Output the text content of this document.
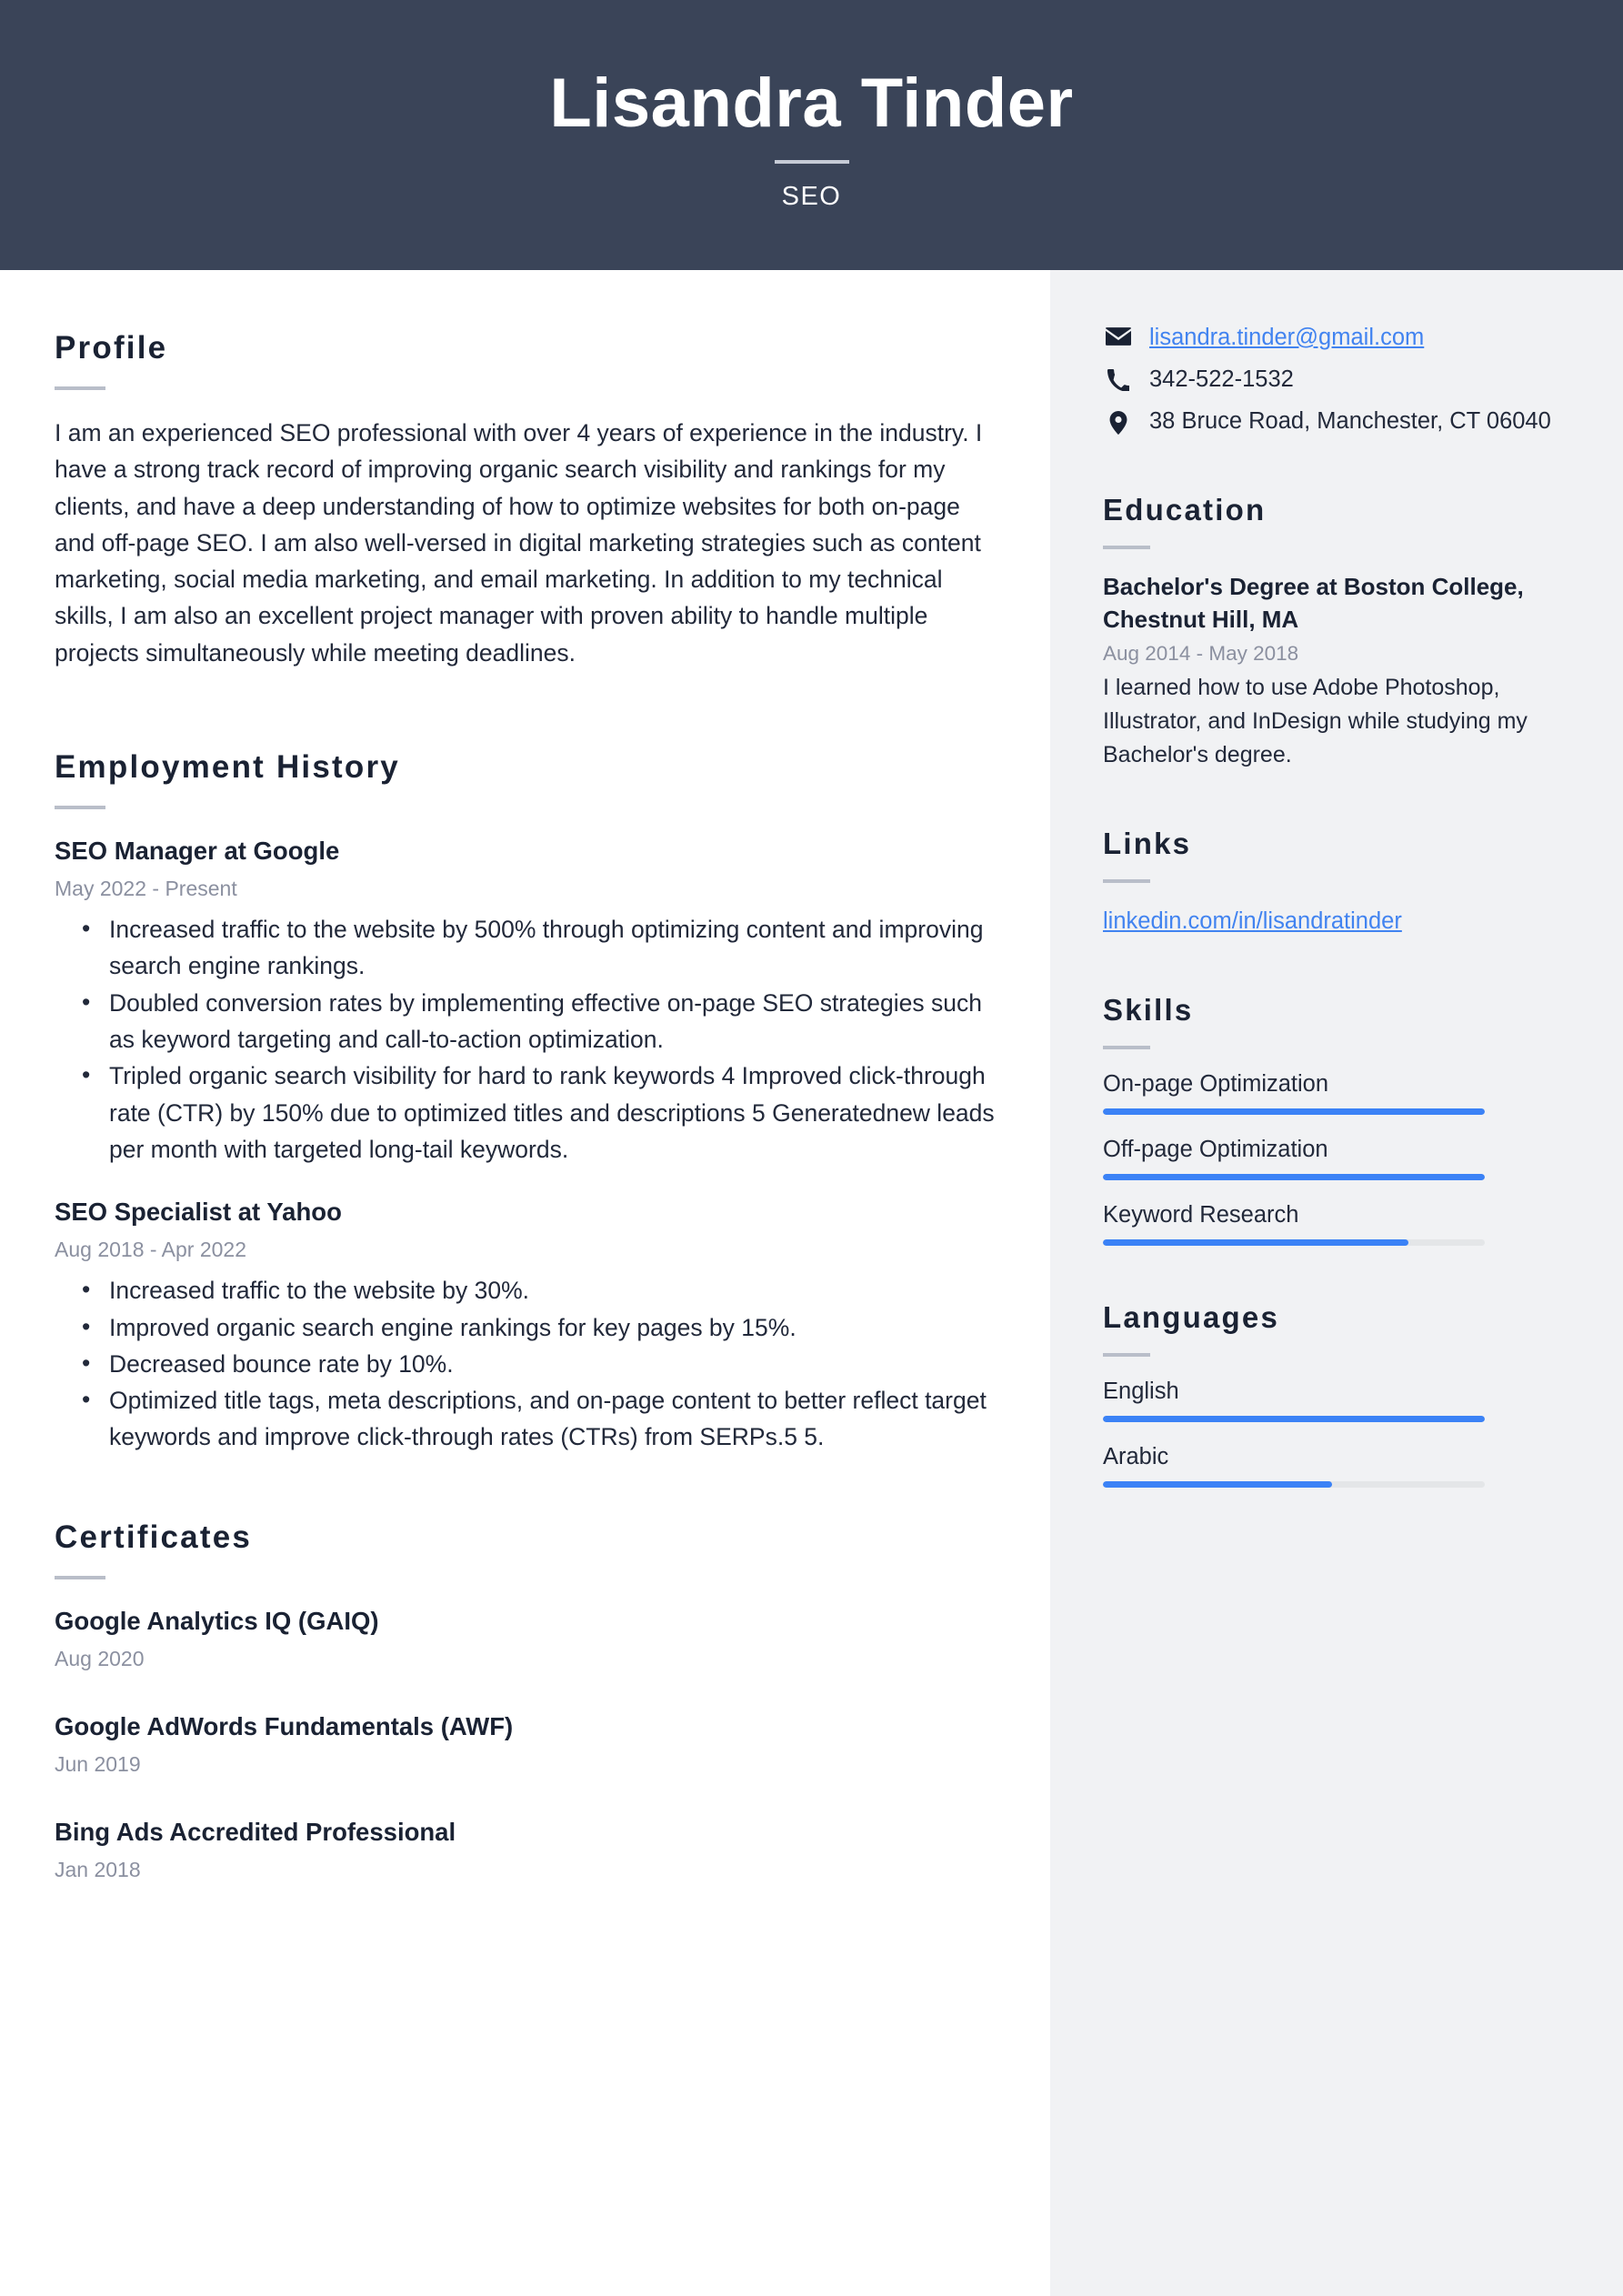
Lisandra Tinder
SEO
Profile
I am an experienced SEO professional with over 4 years of experience in the industry. I have a strong track record of improving organic search visibility and rankings for my clients, and have a deep understanding of how to optimize websites for both on-page and off-page SEO. I am also well-versed in digital marketing strategies such as content marketing, social media marketing, and email marketing. In addition to my technical skills, I am also an excellent project manager with proven ability to handle multiple projects simultaneously while meeting deadlines.
Employment History
SEO Manager at Google
May 2022 - Present
• Increased traffic to the website by 500% through optimizing content and improving search engine rankings.
• Doubled conversion rates by implementing effective on-page SEO strategies such as keyword targeting and call-to-action optimization.
• Tripled organic search visibility for hard to rank keywords 4 Improved click-through rate (CTR) by 150% due to optimized titles and descriptions 5 Generatednew leads per month with targeted long-tail keywords.
SEO Specialist at Yahoo
Aug 2018 - Apr 2022
• Increased traffic to the website by 30%.
• Improved organic search engine rankings for key pages by 15%.
• Decreased bounce rate by 10%.
• Optimized title tags, meta descriptions, and on-page content to better reflect target keywords and improve click-through rates (CTRs) from SERPs.5 5.
Certificates
Google Analytics IQ (GAIQ)
Aug 2020
Google AdWords Fundamentals (AWF)
Jun 2019
Bing Ads Accredited Professional
Jan 2018
lisandra.tinder@gmail.com
342-522-1532
38 Bruce Road, Manchester, CT 06040
Education
Bachelor's Degree at Boston College, Chestnut Hill, MA
Aug 2014 - May 2018
I learned how to use Adobe Photoshop, Illustrator, and InDesign while studying my Bachelor's degree.
Links
linkedin.com/in/lisandratinder
Skills
On-page Optimization
Off-page Optimization
Keyword Research
Languages
English
Arabic
